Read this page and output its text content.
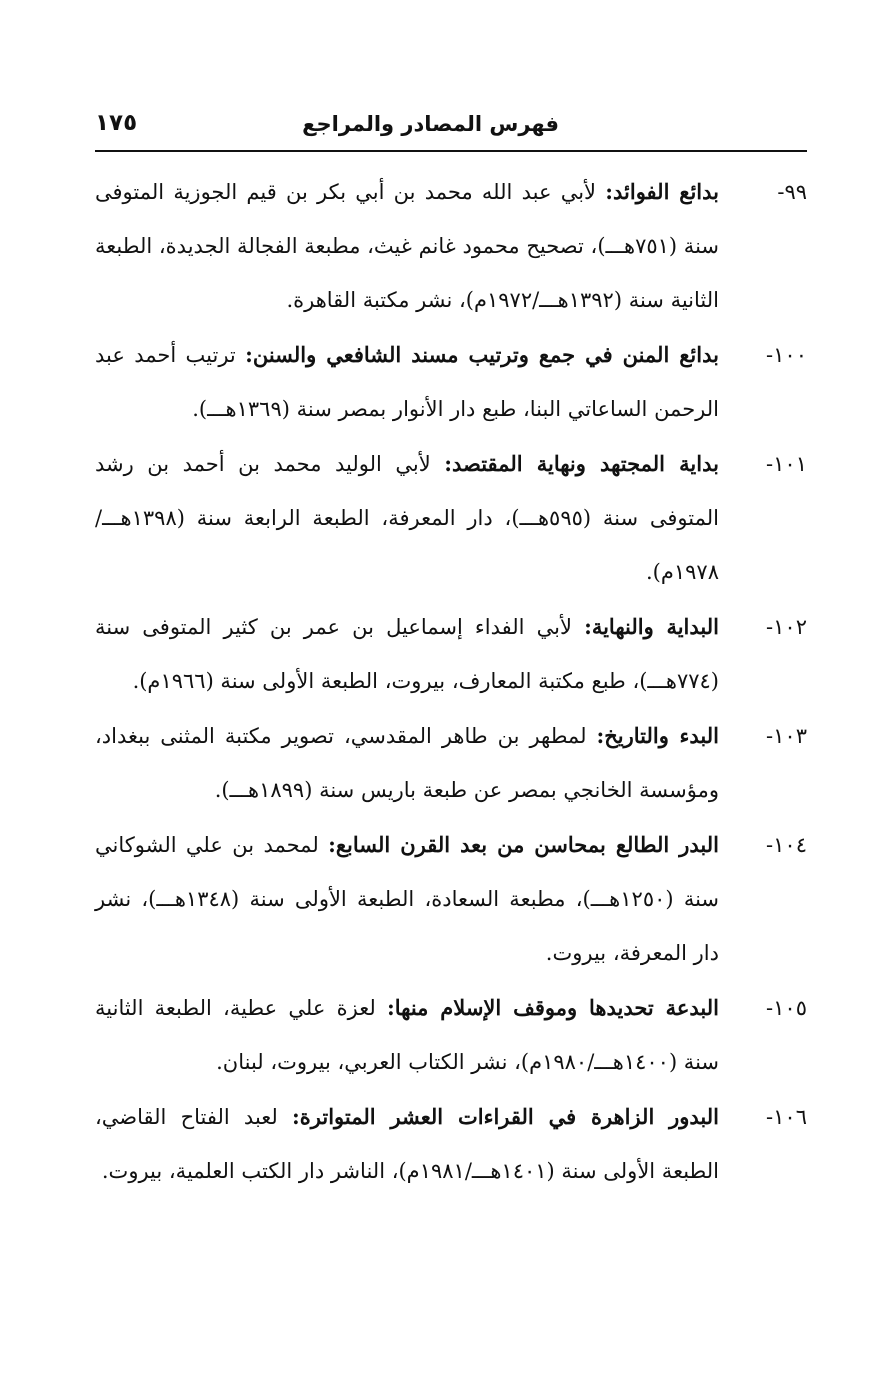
فهرس المصادر والمراجع
١٧٥
٩٩-
بدائع الفوائد: لأبي عبد الله محمد بن أبي بكر بن قيم الجوزية المتوفى سنة (٧٥١هـــ)، تصحيح محمود غانم غيث، مطبعة الفجالة الجديدة، الطبعة الثانية سنة (١٣٩٢هـــ/١٩٧٢م)، نشر مكتبة القاهرة.
١٠٠-
بدائع المنن في جمع وترتيب مسند الشافعي والسنن: ترتيب أحمد عبد الرحمن الساعاتي البنا، طبع دار الأنوار بمصر سنة (١٣٦٩هـــ).
١٠١-
بداية المجتهد ونهاية المقتصد: لأبي الوليد محمد بن أحمد بن رشد المتوفى سنة (٥٩٥هـــ)، دار المعرفة، الطبعة الرابعة سنة (١٣٩٨هـــ/ ١٩٧٨م).
١٠٢-
البداية والنهاية: لأبي الفداء إسماعيل بن عمر بن كثير المتوفى سنة (٧٧٤هـــ)، طبع مكتبة المعارف، بيروت، الطبعة الأولى سنة (١٩٦٦م).
١٠٣-
البدء والتاريخ: لمطهر بن طاهر المقدسي، تصوير مكتبة المثنى ببغداد، ومؤسسة الخانجي بمصر عن طبعة باريس سنة (١٨٩٩هـــ).
١٠٤-
البدر الطالع بمحاسن من بعد القرن السابع: لمحمد بن علي الشوكاني سنة (١٢٥٠هـــ)، مطبعة السعادة، الطبعة الأولى سنة (١٣٤٨هـــ)، نشر دار المعرفة، بيروت.
١٠٥-
البدعة تحديدها وموقف الإسلام منها: لعزة علي عطية، الطبعة الثانية سنة (١٤٠٠هـــ/١٩٨٠م)، نشر الكتاب العربي، بيروت، لبنان.
١٠٦-
البدور الزاهرة في القراءات العشر المتواترة: لعبد الفتاح القاضي، الطبعة الأولى سنة (١٤٠١هـــ/١٩٨١م)، الناشر دار الكتب العلمية، بيروت.
